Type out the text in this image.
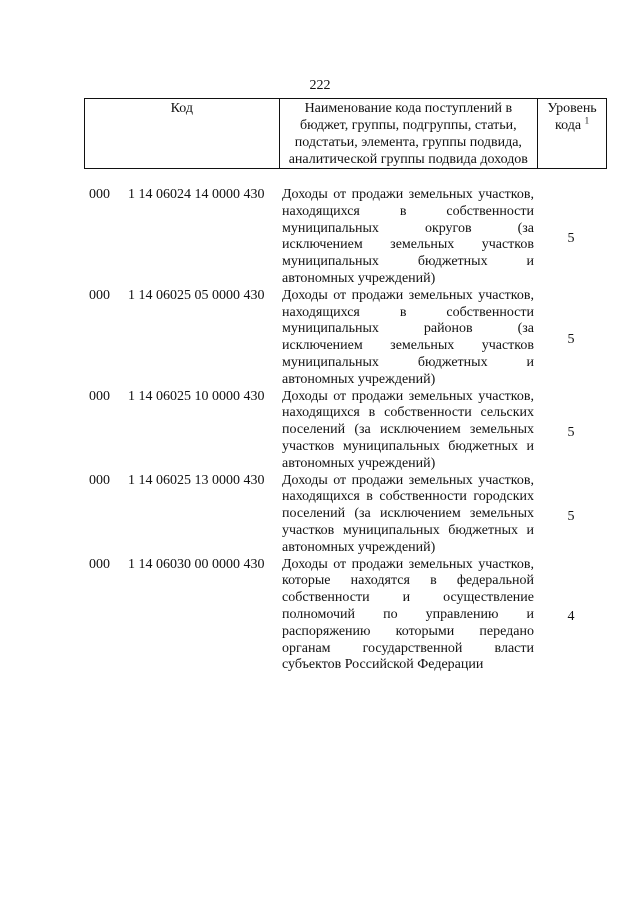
222
Код	Наименование кода поступлений в бюджет, группы, подгруппы, статьи, подстатьи, элемента, группы подвида, аналитической группы подвида доходов	Уровень
кода $^1$
000 1 14 06024 14 0000 430 Доходы от продажи земельных участков,
находящихся в собственности
муниципальных округов (за
исключением земельных участков
муниципальных бюджетных и
автономных учреждений)
5
000 1 14 06025 05 0000 430 Доходы от продажи земельных участков,
находящихся в собственности
муниципальных районов (за
исключением земельных участков
муниципальных бюджетных и
автономных учреждений)
5
000 1 14 06025 10 0000 430 Доходы от продажи земельных участков,
находящихся в собственности сельских
поселений (за исключением земельных
участков муниципальных бюджетных и
автономных учреждений)
5
000 1 14 06025 13 0000 430 Доходы от продажи земельных участков,
находящихся в собственности городских
поселений (за исключением земельных
участков муниципальных бюджетных и
автономных учреждений)
5
000 1 14 06030 00 0000 430 Доходы от продажи земельных участков,
которые находятся в федеральной
собственности и осуществление
полномочий по управлению и
распоряжению которыми передано
органам государственной власти
субъектов Российской Федерации
4
